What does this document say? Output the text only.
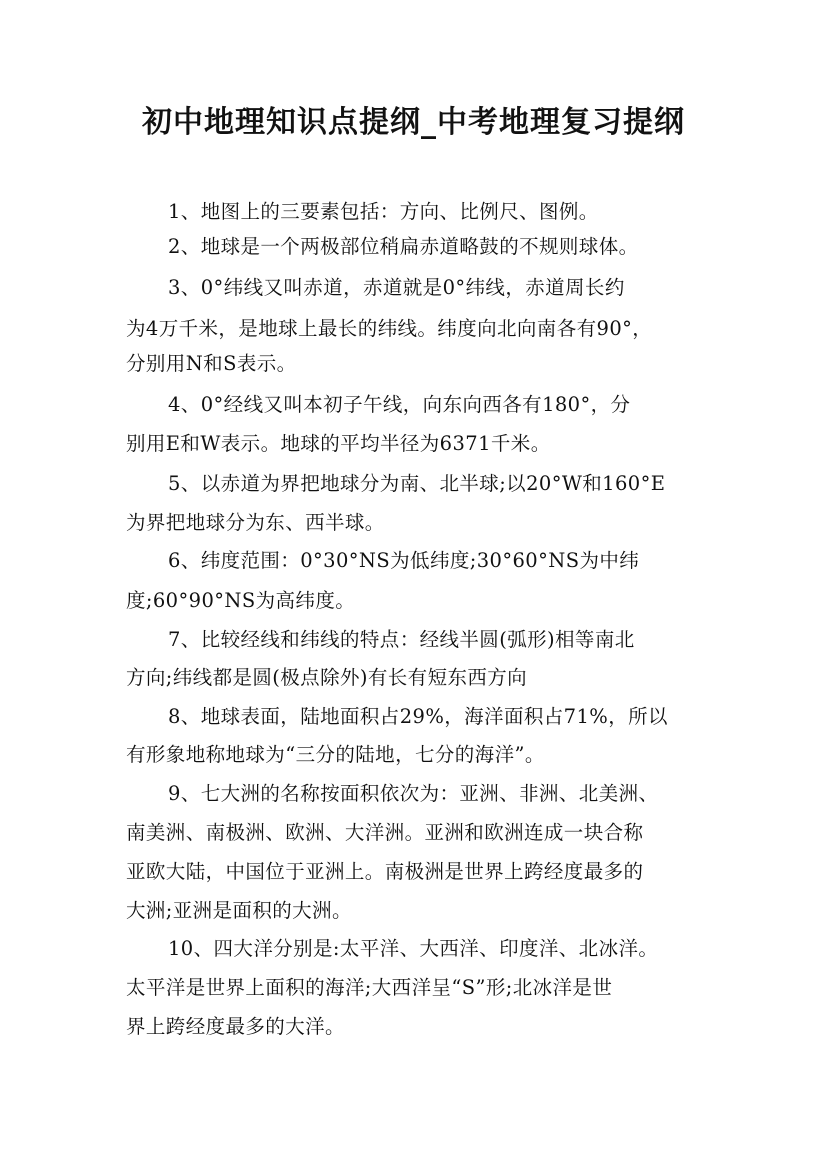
初中地理知识点提纲_中考地理复习提纲
1、地图上的三要素包括：方向、比例尺、图例。
2、地球是一个两极部位稍扁赤道略鼓的不规则球体。
3、0°纬线又叫赤道，赤道就是0°纬线，赤道周长约
为4万千米，是地球上最长的纬线。纬度向北向南各有90°，
分别用N和S表示。
4、0°经线又叫本初子午线，向东向西各有180°，分
别用E和W表示。地球的平均半径为6371千米。
5、以赤道为界把地球分为南、北半球;以20°W和160°E
为界把地球分为东、西半球。
6、纬度范围：0°30°NS为低纬度;30°60°NS为中纬
度;60°90°NS为高纬度。
7、比较经线和纬线的特点：经线半圆(弧形)相等南北
方向;纬线都是圆(极点除外)有长有短东西方向
8、地球表面，陆地面积占29%，海洋面积占71%，所以
有形象地称地球为“三分的陆地，七分的海洋”。
9、七大洲的名称按面积依次为：亚洲、非洲、北美洲、
南美洲、南极洲、欧洲、大洋洲。亚洲和欧洲连成一块合称
亚欧大陆，中国位于亚洲上。南极洲是世界上跨经度最多的
大洲;亚洲是面积的大洲。
10、四大洋分别是:太平洋、大西洋、印度洋、北冰洋。
太平洋是世界上面积的海洋;大西洋呈“S”形;北冰洋是世
界上跨经度最多的大洋。
